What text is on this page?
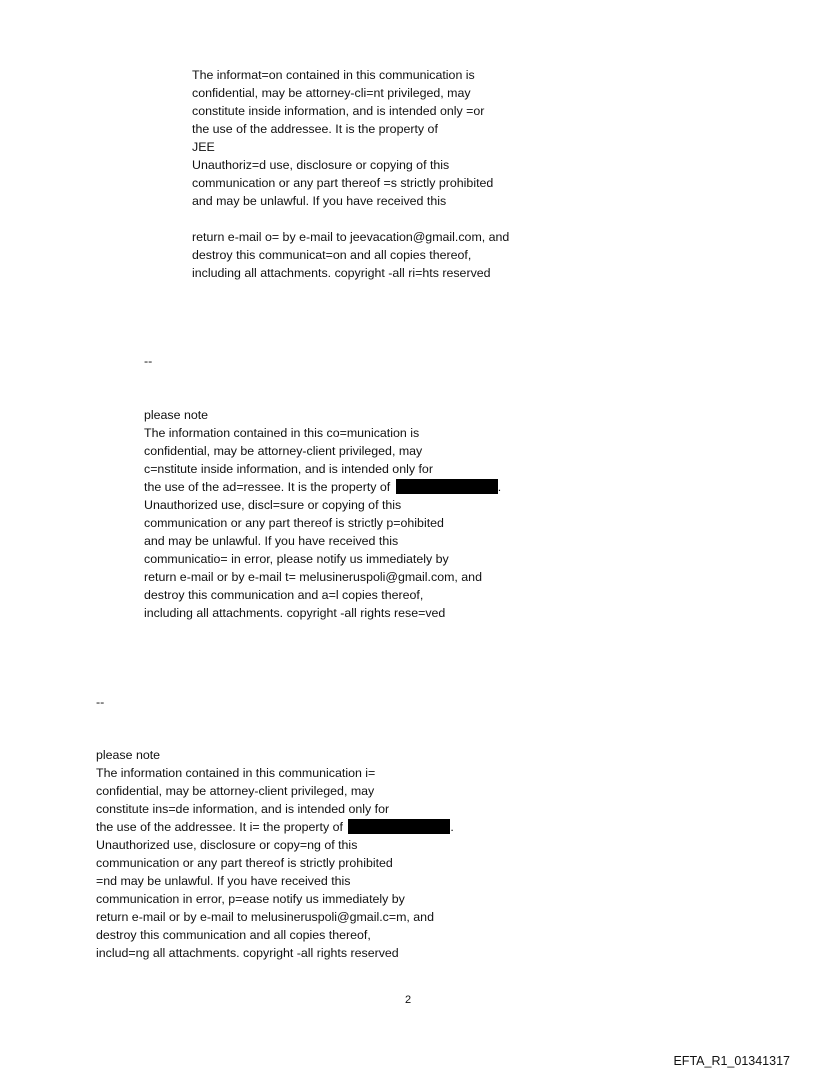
The informat=on contained in this communication is
confidential, may be attorney-cli=nt privileged, may
constitute inside information, and is intended only =or
the use of the addressee. It is the property of
JEE
Unauthoriz=d use, disclosure or copying of this
communication or any part thereof =s strictly prohibited
and may be unlawful. If you have received this
return e-mail o= by e-mail to jeevacation@gmail.com, and
destroy this communicat=on and all copies thereof,
including all attachments. copyright -all ri=hts reserved
--
please note
The information contained in this co=munication is
confidential, may be attorney-client privileged, may
c=nstitute inside information, and is intended only for
the use of the ad=ressee. It is the property of	.
Unauthorized use, discl=sure or copying of this
communication or any part thereof is strictly p=ohibited
and may be unlawful. If you have received this
communicatio= in error, please notify us immediately by
return e-mail or by e-mail t= melusineruspoli@gmail.com, and
destroy this communication and a=l copies thereof,
including all attachments. copyright -all rights rese=ved
--
please note
The information contained in this communication i=
confidential, may be attorney-client privileged, may
constitute ins=de information, and is intended only for
the use of the addressee. It i= the property of	.
Unauthorized use, disclosure or copy=ng of this
communication or any part thereof is strictly prohibited
=nd may be unlawful. If you have received this
communication in error, p=ease notify us immediately by
return e-mail or by e-mail to melusineruspoli@gmail.c=m, and
destroy this communication and all copies thereof,
includ=ng all attachments. copyright -all rights reserved
2
EFTA_R1_01341317
